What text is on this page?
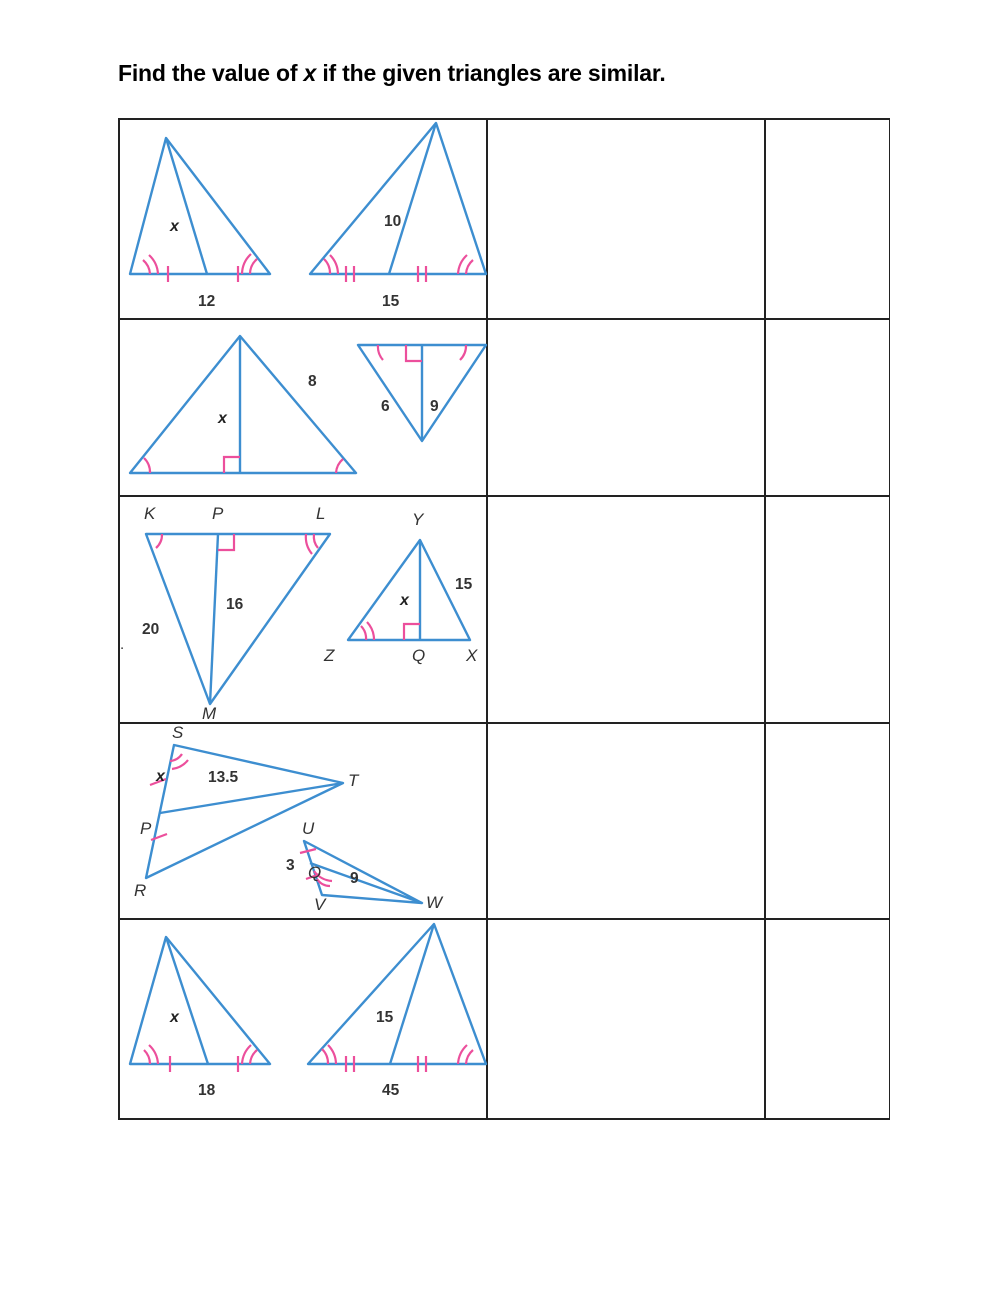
Find the value of x if the given triangles are similar.
x
12
10
15
x
8
6	9
.
K	P	L
M
16
20
Y
Z	Q X
x
15
S
T
P
R
x	13.5
U
Q
V	W
3
9
x
18
15
45
